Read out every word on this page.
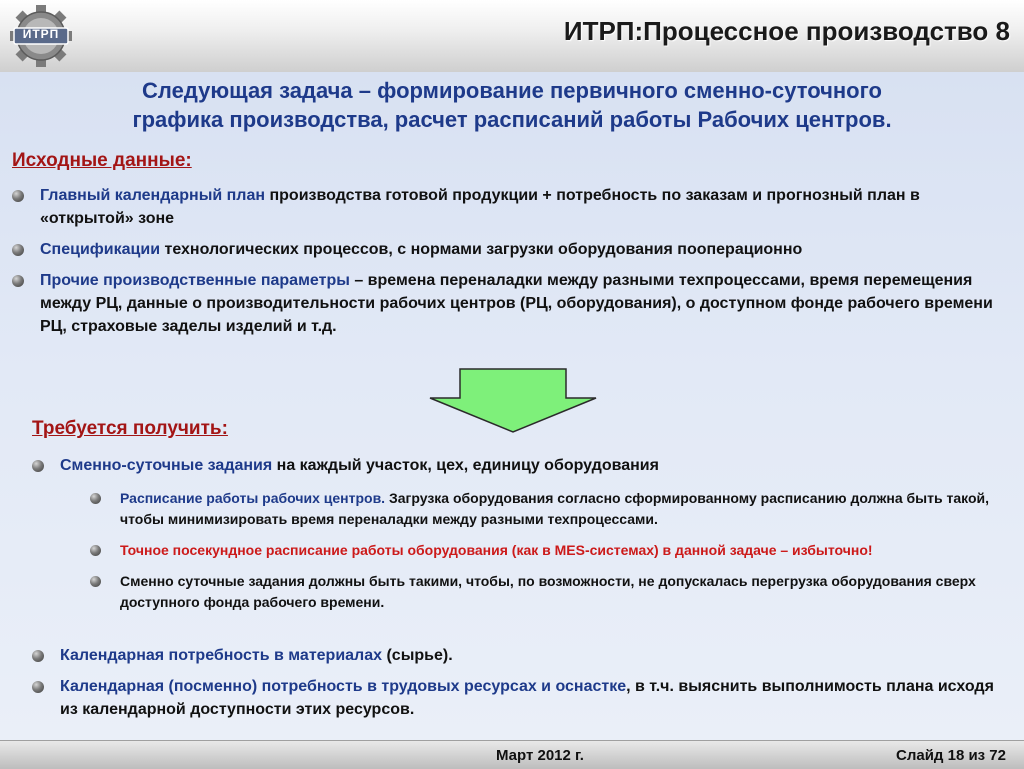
ИТРП	ИТРП:Процессное производство 8
Следующая задача – формирование первичного сменно-суточного
графика производства, расчет расписаний работы Рабочих центров.
Исходные данные:
Главный календарный план производства готовой продукции + потребность по заказам и прогнозный план в «открытой» зоне
Спецификации технологических процессов, с нормами загрузки оборудования пооперационно
Прочие производственные параметры – времена переналадки между разными техпроцессами, время перемещения между РЦ, данные о производительности рабочих центров (РЦ, оборудования), о доступном фонде рабочего времени РЦ, страховые заделы изделий и т.д.
Требуется получить:
Сменно-суточные задания на каждый участок, цех, единицу оборудования
Расписание работы рабочих центров. Загрузка оборудования согласно сформированному расписанию должна быть такой, чтобы минимизировать время переналадки между разными техпроцессами.
Точное посекундное расписание работы оборудования (как в MES-системах) в данной задаче – избыточно!
Сменно суточные задания должны быть такими, чтобы, по возможности, не допускалась перегрузка оборудования сверх доступного фонда рабочего времени.
Календарная потребность в материалах (сырье).
Календарная (посменно) потребность в трудовых ресурсах и оснастке, в т.ч. выяснить выполнимость плана исходя из календарной доступности этих ресурсов.
Март 2012 г.	Слайд 18 из 72
